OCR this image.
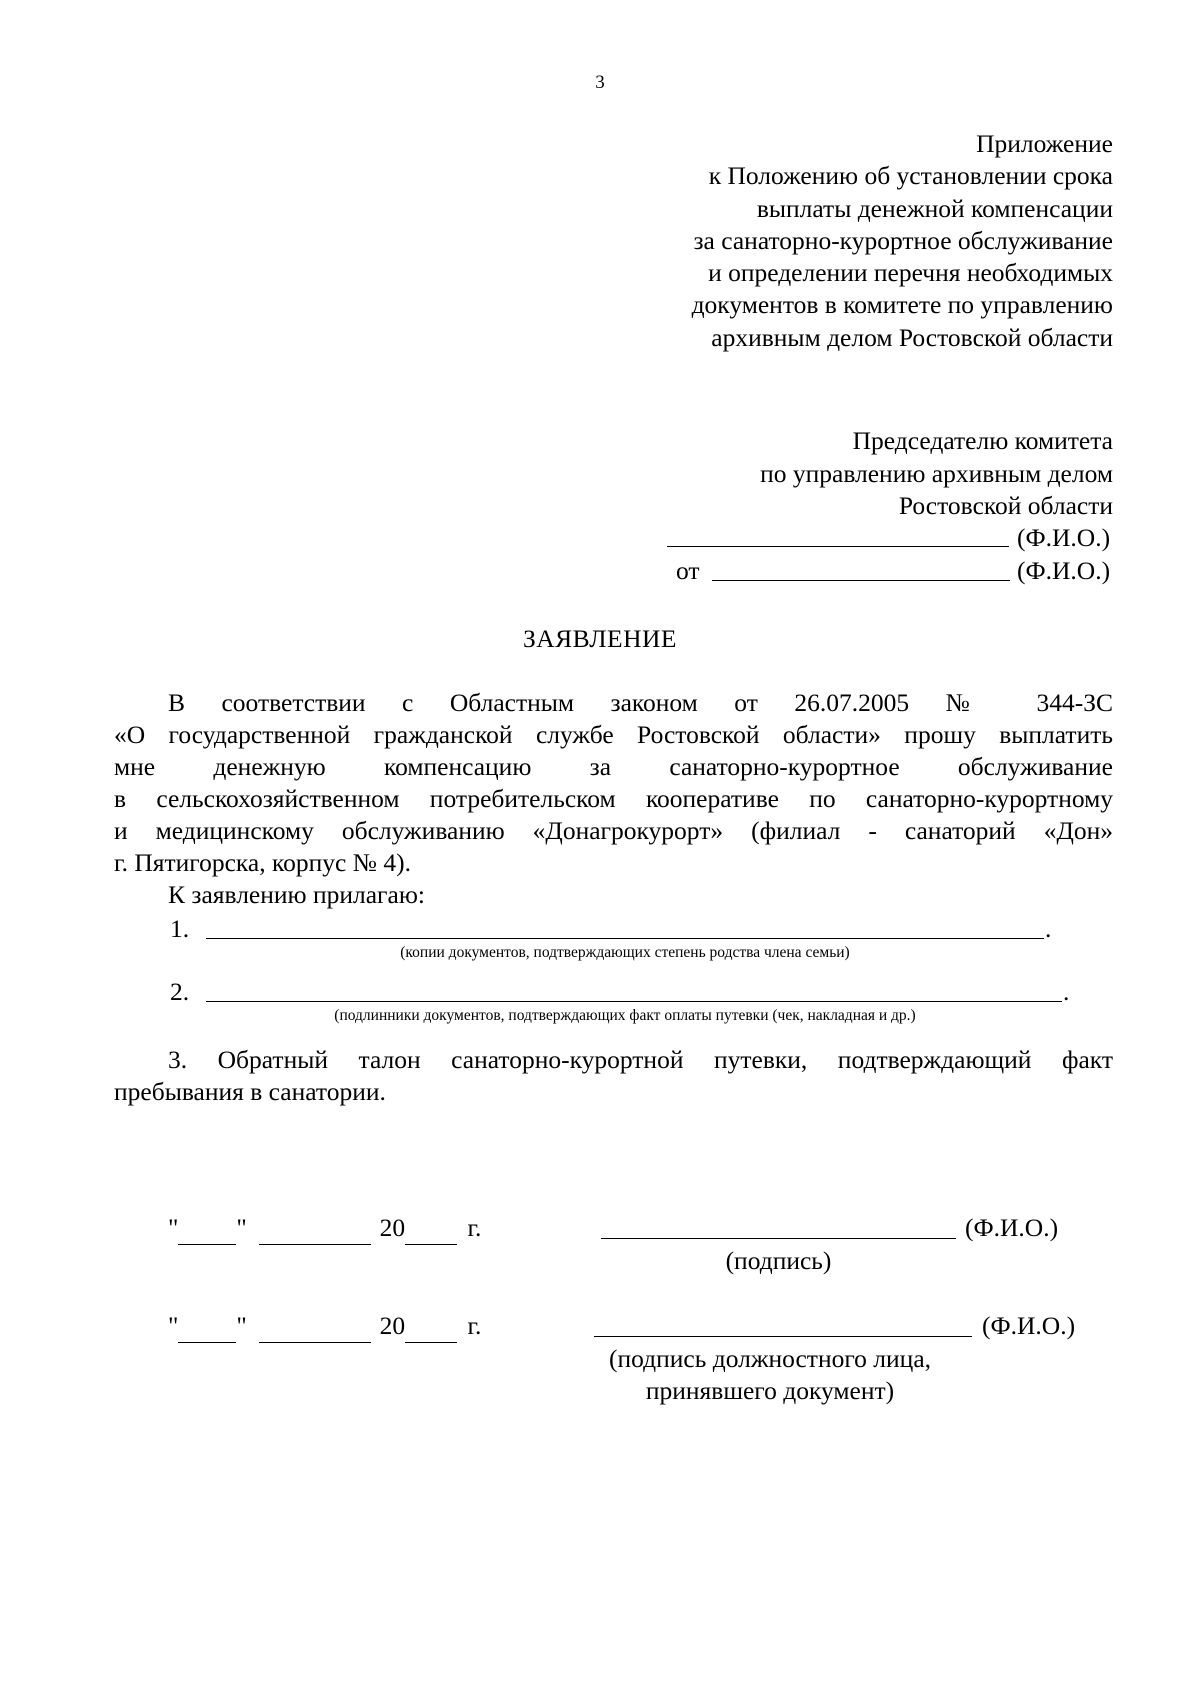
3
Приложение
к Положению об установлении срока
выплаты денежной компенсации
за санаторно-курортное обслуживание
и определении перечня необходимых
документов в комитете по управлению
архивным делом Ростовской области
Председателю комитета
по управлению архивным делом
Ростовской области
(Ф.И.О.)
от	(Ф.И.О.)
ЗАЯВЛЕНИЕ
В соответствии с Областным законом от 26.07.2005 № 344-ЗС
«О государственной гражданской службе Ростовской области» прошу выплатить
мне денежную компенсацию за санаторно-курортное обслуживание
в сельскохозяйственном потребительском кооперативе по санаторно-курортному
и медицинскому обслуживанию «Донагрокурорт» (филиал - санаторий «Дон»
г. Пятигорска, корпус № 4).
К заявлению прилагаю:
1.	.
(копии документов, подтверждающих степень родства члена семьи)
2.	.
(подлинники документов, подтверждающих факт оплаты путевки (чек, накладная и др.)
3. Обратный талон санаторно-курортной путевки, подтверждающий факт
пребывания в санатории.
" "	20 г.	(Ф.И.О.)
(подпись)
" "	20 г.	(Ф.И.О.)
(подпись должностного лица,
принявшего документ)
